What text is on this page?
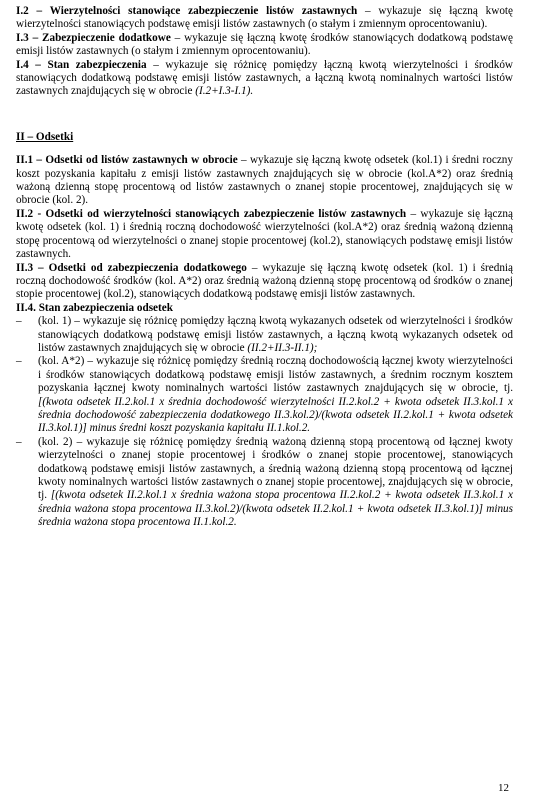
I.2 – Wierzytelności stanowiące zabezpieczenie listów zastawnych – wykazuje się łączną kwotę wierzytelności stanowiących podstawę emisji listów zastawnych (o stałym i zmiennym oprocentowaniu).

I.3 – Zabezpieczenie dodatkowe – wykazuje się łączną kwotę środków stanowiących dodatkową podstawę emisji listów zastawnych (o stałym i zmiennym oprocentowaniu).

I.4 – Stan zabezpieczenia – wykazuje się różnicę pomiędzy łączną kwotą wierzytelności i środków stanowiących dodatkową podstawę emisji listów zastawnych, a łączną kwotą nominalnych wartości listów zastawnych znajdujących się w obrocie (I.2+I.3-I.1).

II – Odsetki

II.1 – Odsetki od listów zastawnych w obrocie – wykazuje się łączną kwotę odsetek (kol.1) i średni roczny koszt pozyskania kapitału z emisji listów zastawnych znajdujących się w obrocie (kol.A*2) oraz średnią ważoną dzienną stopę procentową od listów zastawnych o znanej stopie procentowej, znajdujących się w obrocie (kol. 2).

II.2 - Odsetki od wierzytelności stanowiących zabezpieczenie listów zastawnych – wykazuje się łączną kwotę odsetek (kol. 1) i średnią roczną dochodowość wierzytelności (kol.A*2) oraz średnią ważoną dzienną stopę procentową od wierzytelności o znanej stopie procentowej (kol.2), stanowiących podstawę emisji listów zastawnych.

II.3 – Odsetki od zabezpieczenia dodatkowego – wykazuje się łączną kwotę odsetek (kol. 1) i średnią roczną dochodowość środków (kol. A*2) oraz średnią ważoną dzienną stopę procentową od środków o znanej stopie procentowej (kol.2), stanowiących dodatkową podstawę emisji listów zastawnych.

II.4. Stan zabezpieczenia odsetek

–	(kol. 1) – wykazuje się różnicę pomiędzy łączną kwotą wykazanych odsetek od wierzytelności i środków stanowiących dodatkową podstawę emisji listów zastawnych, a łączną kwotą wykazanych odsetek od listów zastawnych znajdujących się w obrocie (II.2+II.3-II.1);
–	(kol. A*2) – wykazuje się różnicę pomiędzy średnią roczną dochodowością łącznej kwoty wierzytelności i środków stanowiących dodatkową podstawę emisji listów zastawnych, a średnim rocznym kosztem pozyskania łącznej kwoty nominalnych wartości listów zastawnych znajdujących się w obrocie, tj. [(kwota odsetek II.2.kol.1 x średnia dochodowość wierzytelności II.2.kol.2 + kwota odsetek II.3.kol.1 x średnia dochodowość zabezpieczenia dodatkowego II.3.kol.2)/(kwota odsetek II.2.kol.1 + kwota odsetek II.3.kol.1)] minus średni koszt pozyskania kapitału II.1.kol.2.
–	(kol. 2) – wykazuje się różnicę pomiędzy średnią ważoną dzienną stopą procentową od łącznej kwoty wierzytelności o znanej stopie procentowej i środków o znanej stopie procentowej, stanowiących dodatkową podstawę emisji listów zastawnych, a średnią ważoną dzienną stopą procentową od łącznej kwoty nominalnych wartości listów zastawnych o znanej stopie procentowej, znajdujących się w obrocie, tj. [(kwota odsetek II.2.kol.1 x średnia ważona stopa procentowa II.2.kol.2 + kwota odsetek II.3.kol.1 x średnia ważona stopa procentowa II.3.kol.2)/(kwota odsetek II.2.kol.1 + kwota odsetek II.3.kol.1)] minus średnia ważona stopa procentowa II.1.kol.2.
12
